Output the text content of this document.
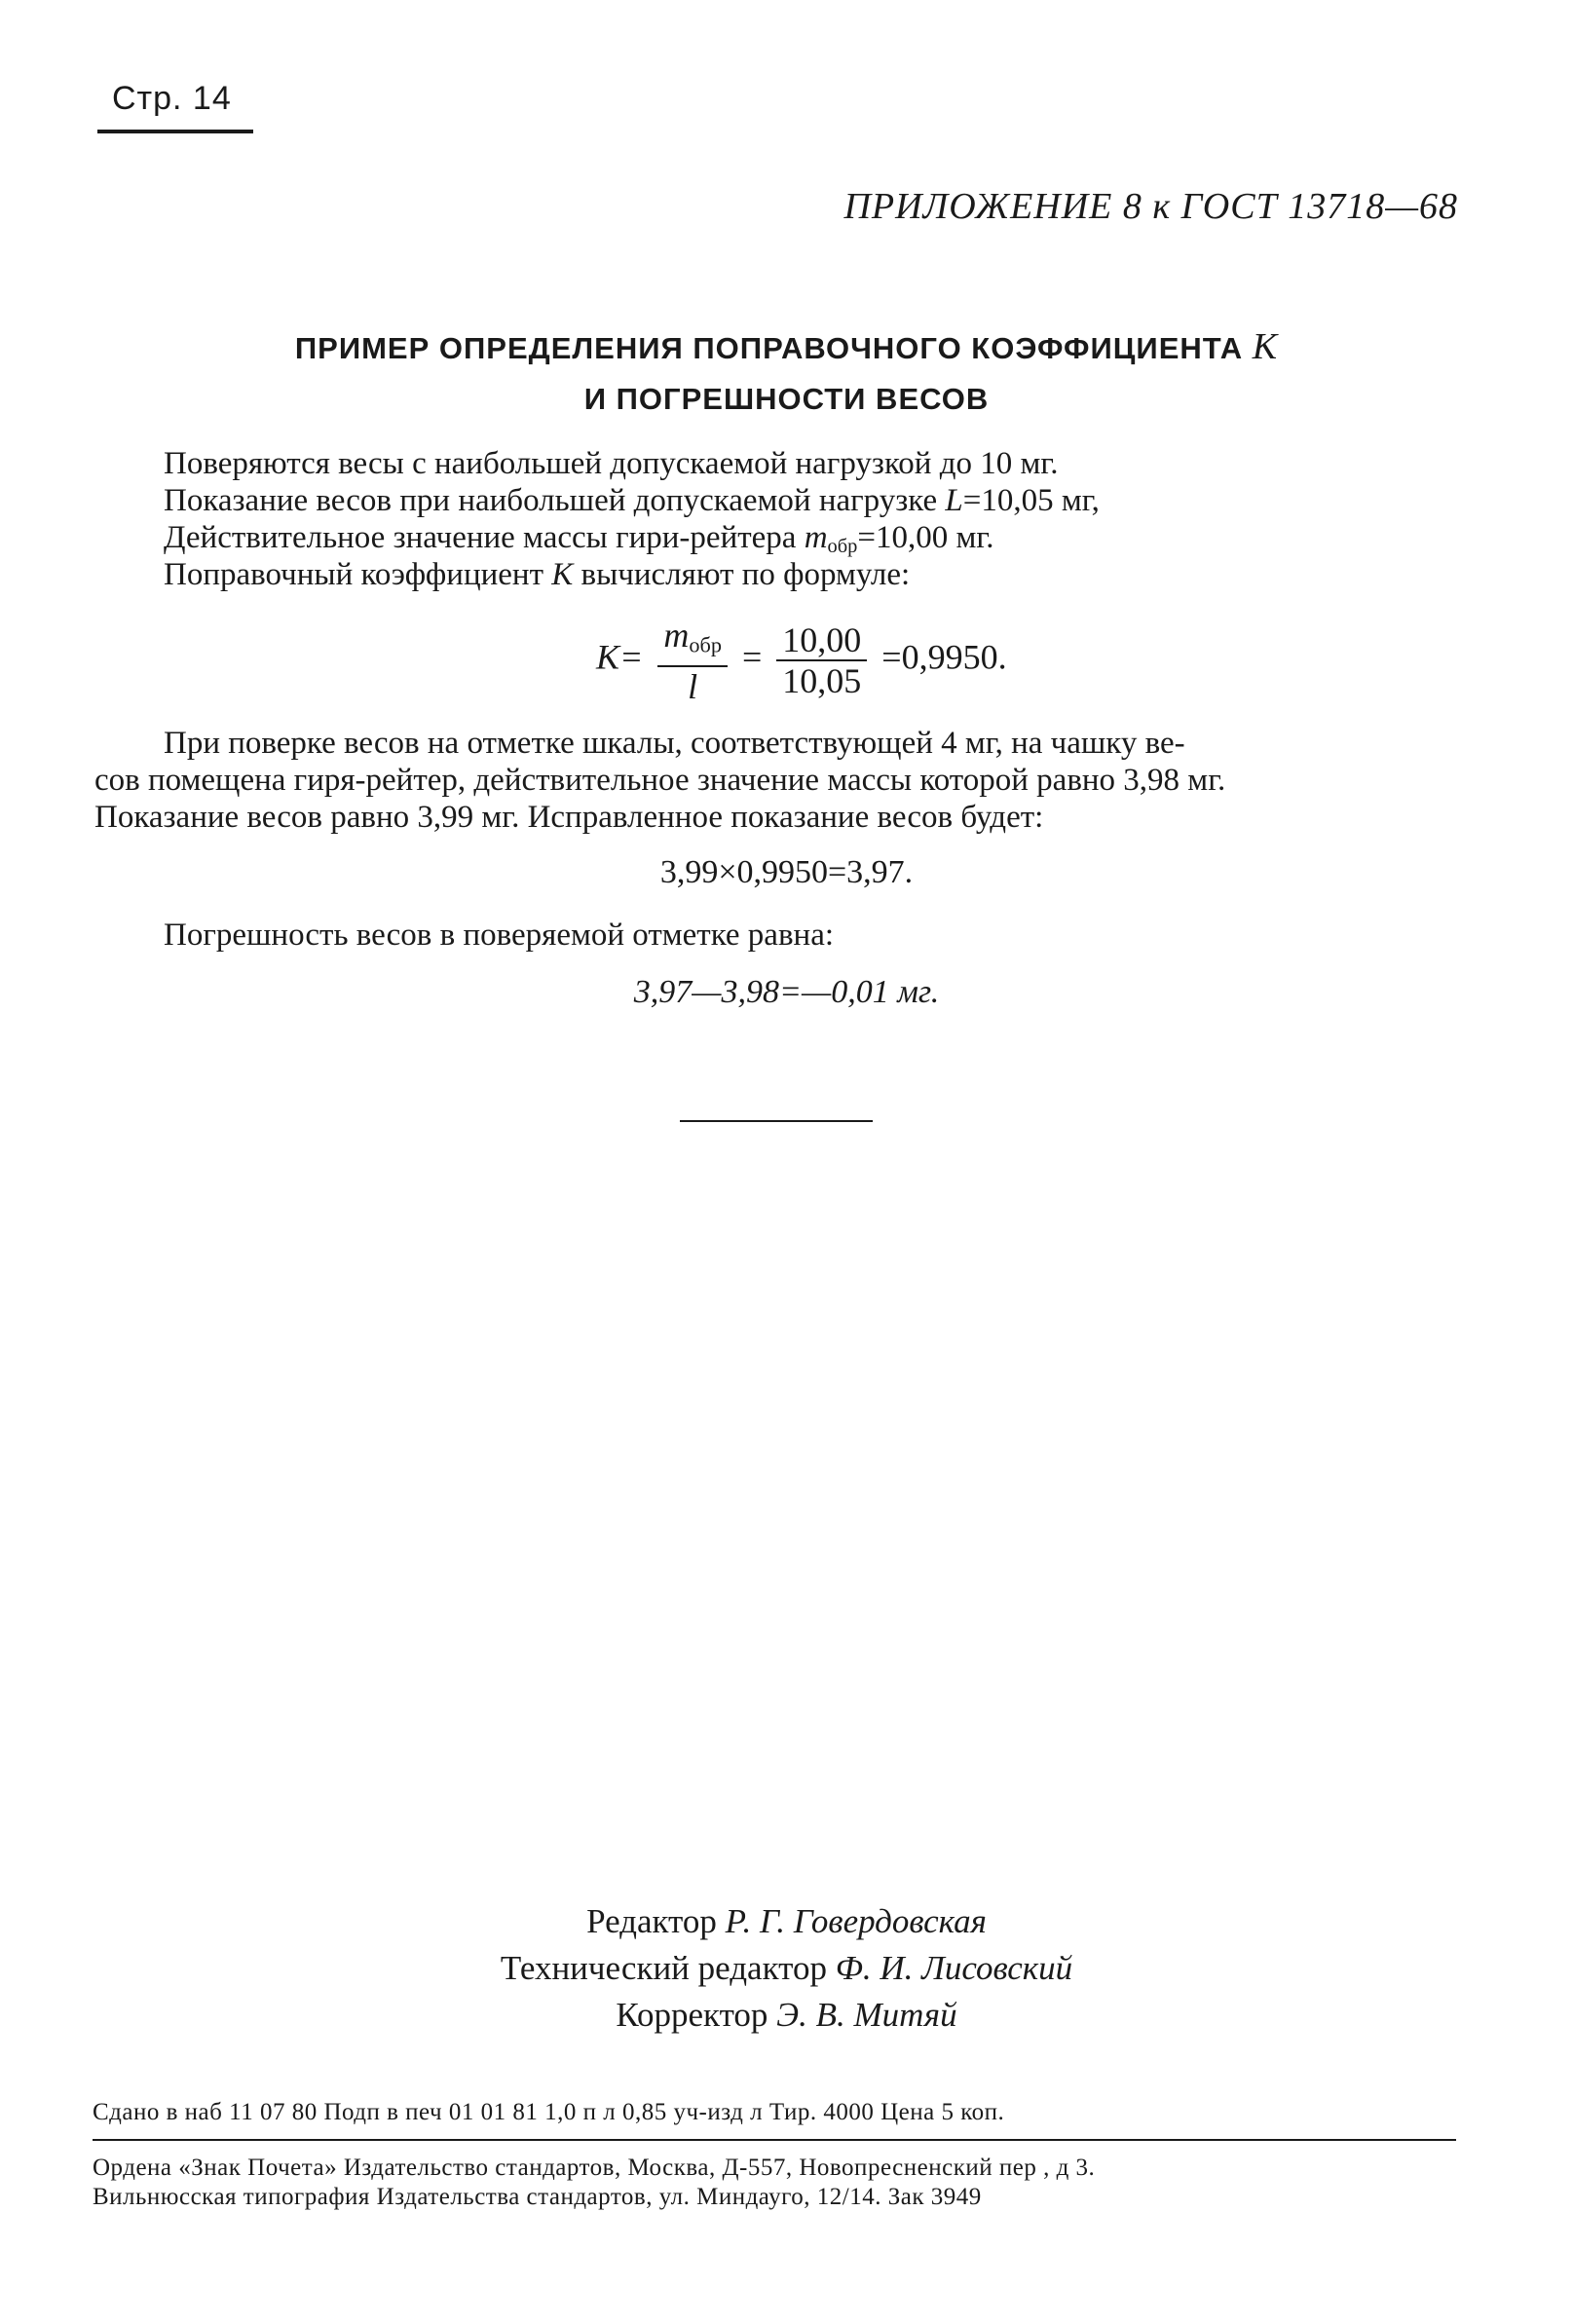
Стр. 14
ПРИЛОЖЕНИЕ 8 к ГОСТ 13718—68
ПРИМЕР ОПРЕДЕЛЕНИЯ ПОПРАВОЧНОГО КОЭФФИЦИЕНТА K
И ПОГРЕШНОСТИ ВЕСОВ
Поверяются весы с наибольшей допускаемой нагрузкой до 10 мг.
Показание весов при наибольшей допускаемой нагрузке L=10,05 мг,
Действительное значение массы гири-рейтера $m_{обр}=10,00$ мг.
Поправочный коэффициент K вычисляют по формуле:
$K= \frac{m_{обр}}{l} = \frac{10,00}{10,05} =0,9950$.
При поверке весов на отметке шкалы, соответствующей 4 мг, на чашку ве-
сов помещена гиря-рейтер, действительное значение массы которой равно 3,98 мг.
Показание весов равно 3,99 мг. Исправленное показание весов будет:
3,99×0,9950=3,97.
Погрешность весов в поверяемой отметке равна:
3,97—3,98=—0,01 мг.
Редактор Р. Г. Говердовская
Технический редактор Ф. И. Лисовский
Корректор Э. В. Митяй
Сдано в наб 11 07 80 Подп в печ 01 01 81 1,0 п л 0,85 уч-изд л Тир. 4000 Цена 5 коп.
Ордена «Знак Почета» Издательство стандартов, Москва, Д-557, Новопресненский пер , д 3.
Вильнюсская типография Издательства стандартов, ул. Миндауго, 12/14. Зак 3949
